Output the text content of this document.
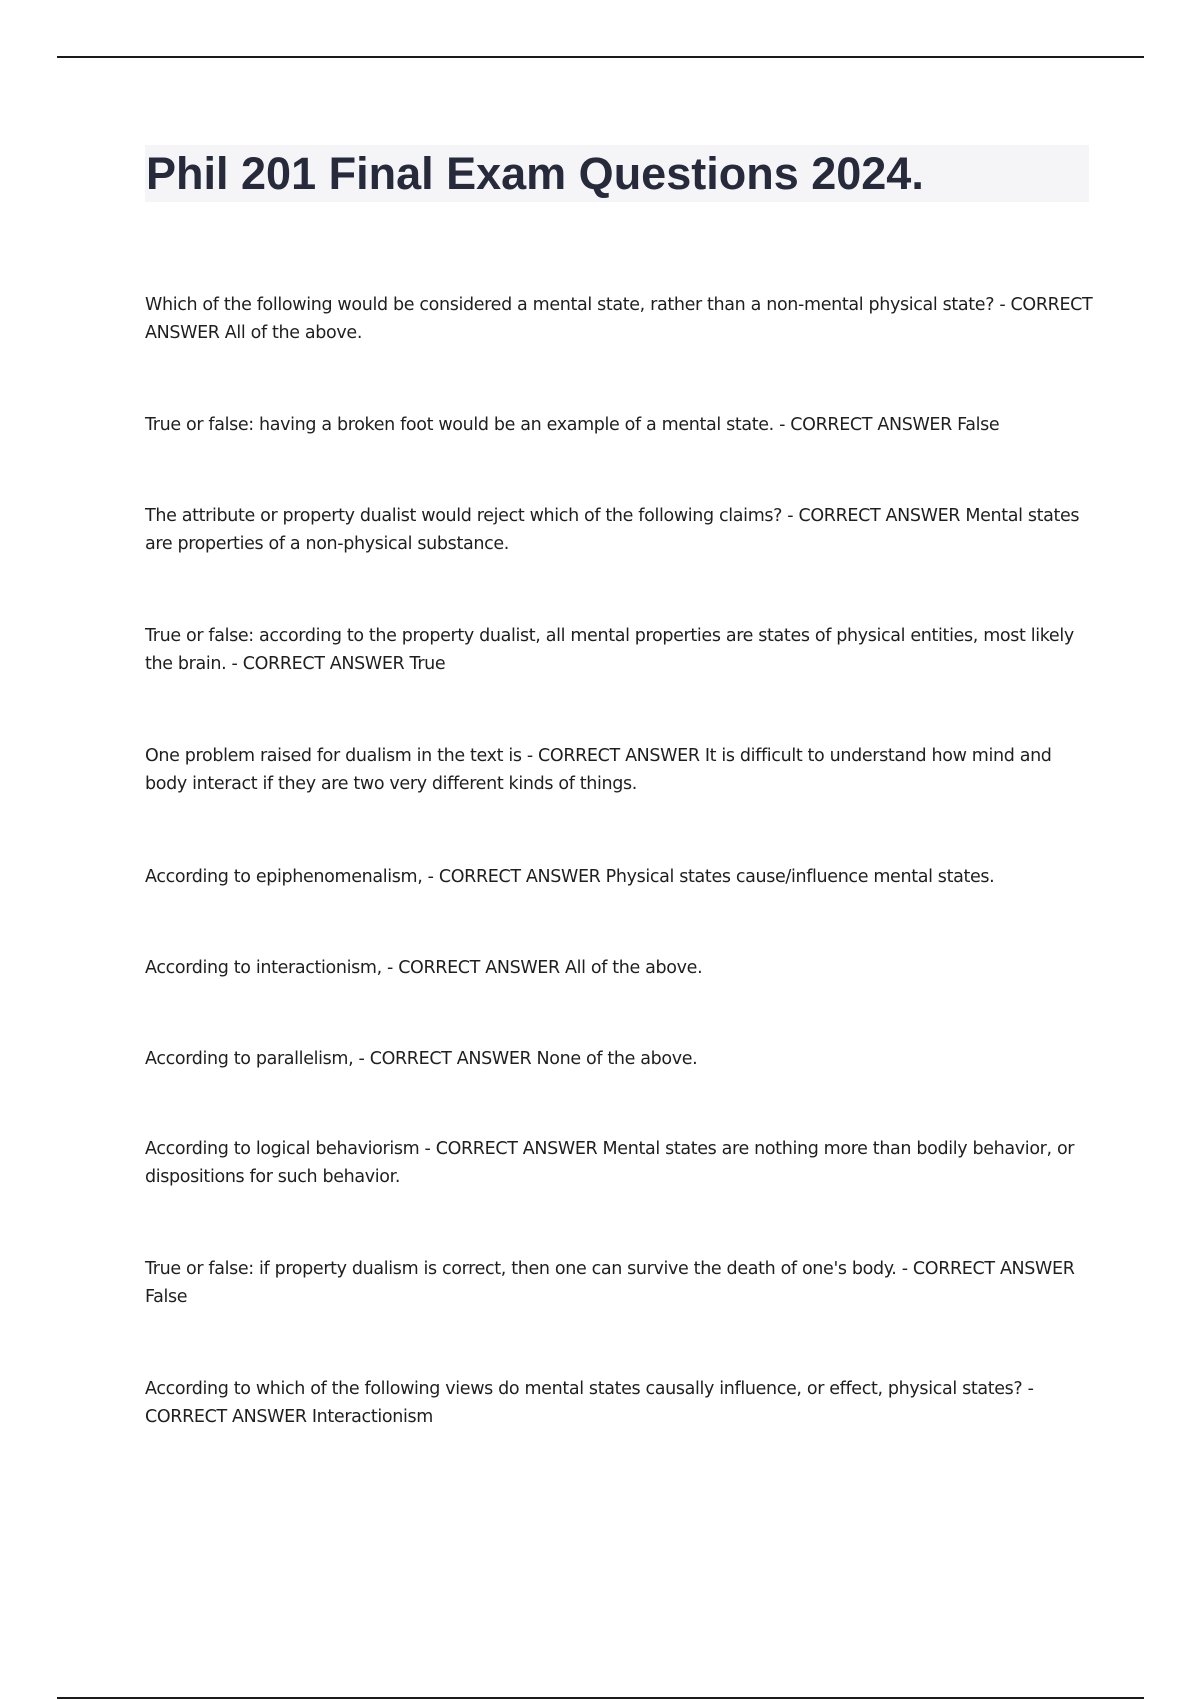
Phil 201 Final Exam Questions 2024.
Which of the following would be considered a mental state, rather than a non-mental physical state? - CORRECT ANSWER All of the above.
True or false: having a broken foot would be an example of a mental state. - CORRECT ANSWER False
The attribute or property dualist would reject which of the following claims? - CORRECT ANSWER Mental states are properties of a non-physical substance.
True or false: according to the property dualist, all mental properties are states of physical entities, most likely the brain. - CORRECT ANSWER True
One problem raised for dualism in the text is - CORRECT ANSWER It is difficult to understand how mind and body interact if they are two very different kinds of things.
According to epiphenomenalism, - CORRECT ANSWER Physical states cause/influence mental states.
According to interactionism, - CORRECT ANSWER All of the above.
According to parallelism, - CORRECT ANSWER None of the above.
According to logical behaviorism - CORRECT ANSWER Mental states are nothing more than bodily behavior, or dispositions for such behavior.
True or false: if property dualism is correct, then one can survive the death of one's body. - CORRECT ANSWER False
According to which of the following views do mental states causally influence, or effect, physical states? - CORRECT ANSWER Interactionism
